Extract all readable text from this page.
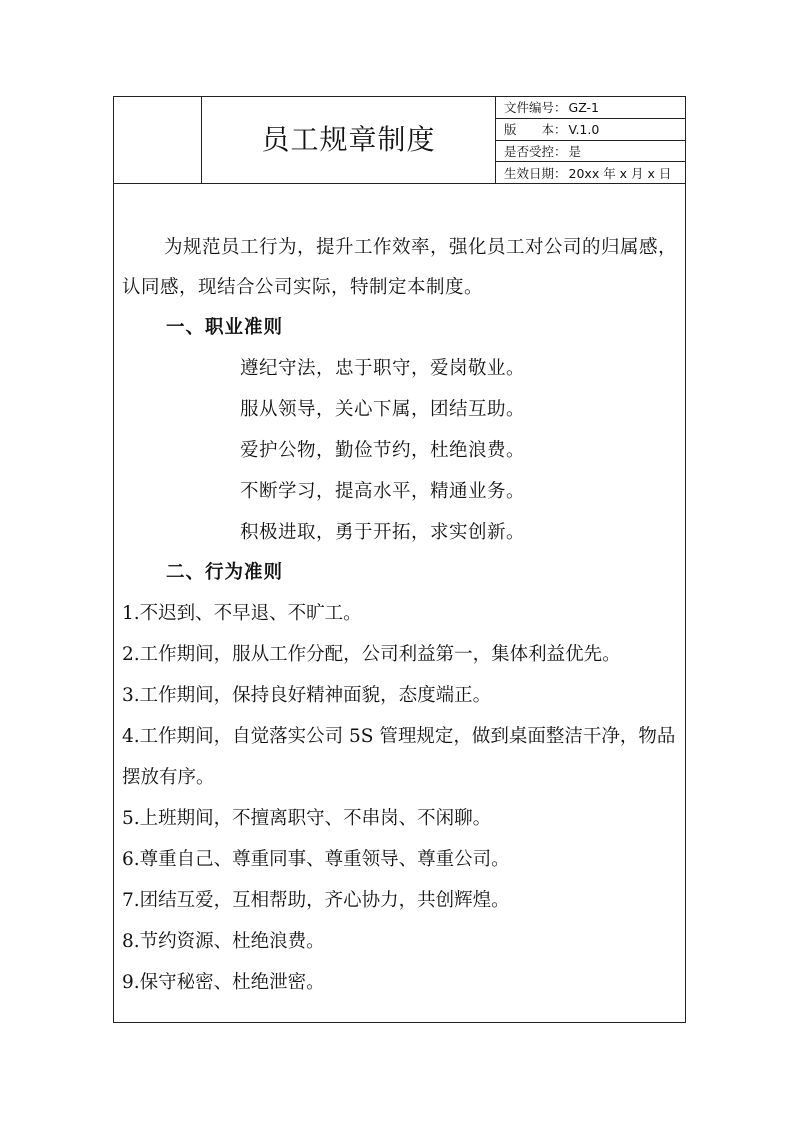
员工规章制度
文件编号： GZ-1
版　　本： V.1.0
是否受控： 是
生效日期： 20xx 年 x 月 x 日

为规范员工行为，提升工作效率，强化员工对公司的归属感，认同感，现结合公司实际，特制定本制度。

一、职业准则
遵纪守法，忠于职守，爱岗敬业。
服从领导，关心下属，团结互助。
爱护公物，勤俭节约，杜绝浪费。
不断学习，提高水平，精通业务。
积极进取，勇于开拓，求实创新。
二、行为准则
1.不迟到、不早退、不旷工。
2.工作期间，服从工作分配，公司利益第一，集体利益优先。
3.工作期间，保持良好精神面貌，态度端正。
4.工作期间，自觉落实公司 5S 管理规定，做到桌面整洁干净，物品摆放有序。
5.上班期间，不擅离职守、不串岗、不闲聊。
6.尊重自己、尊重同事、尊重领导、尊重公司。
7.团结互爱，互相帮助，齐心协力，共创辉煌。
8.节约资源、杜绝浪费。
9.保守秘密、杜绝泄密。
